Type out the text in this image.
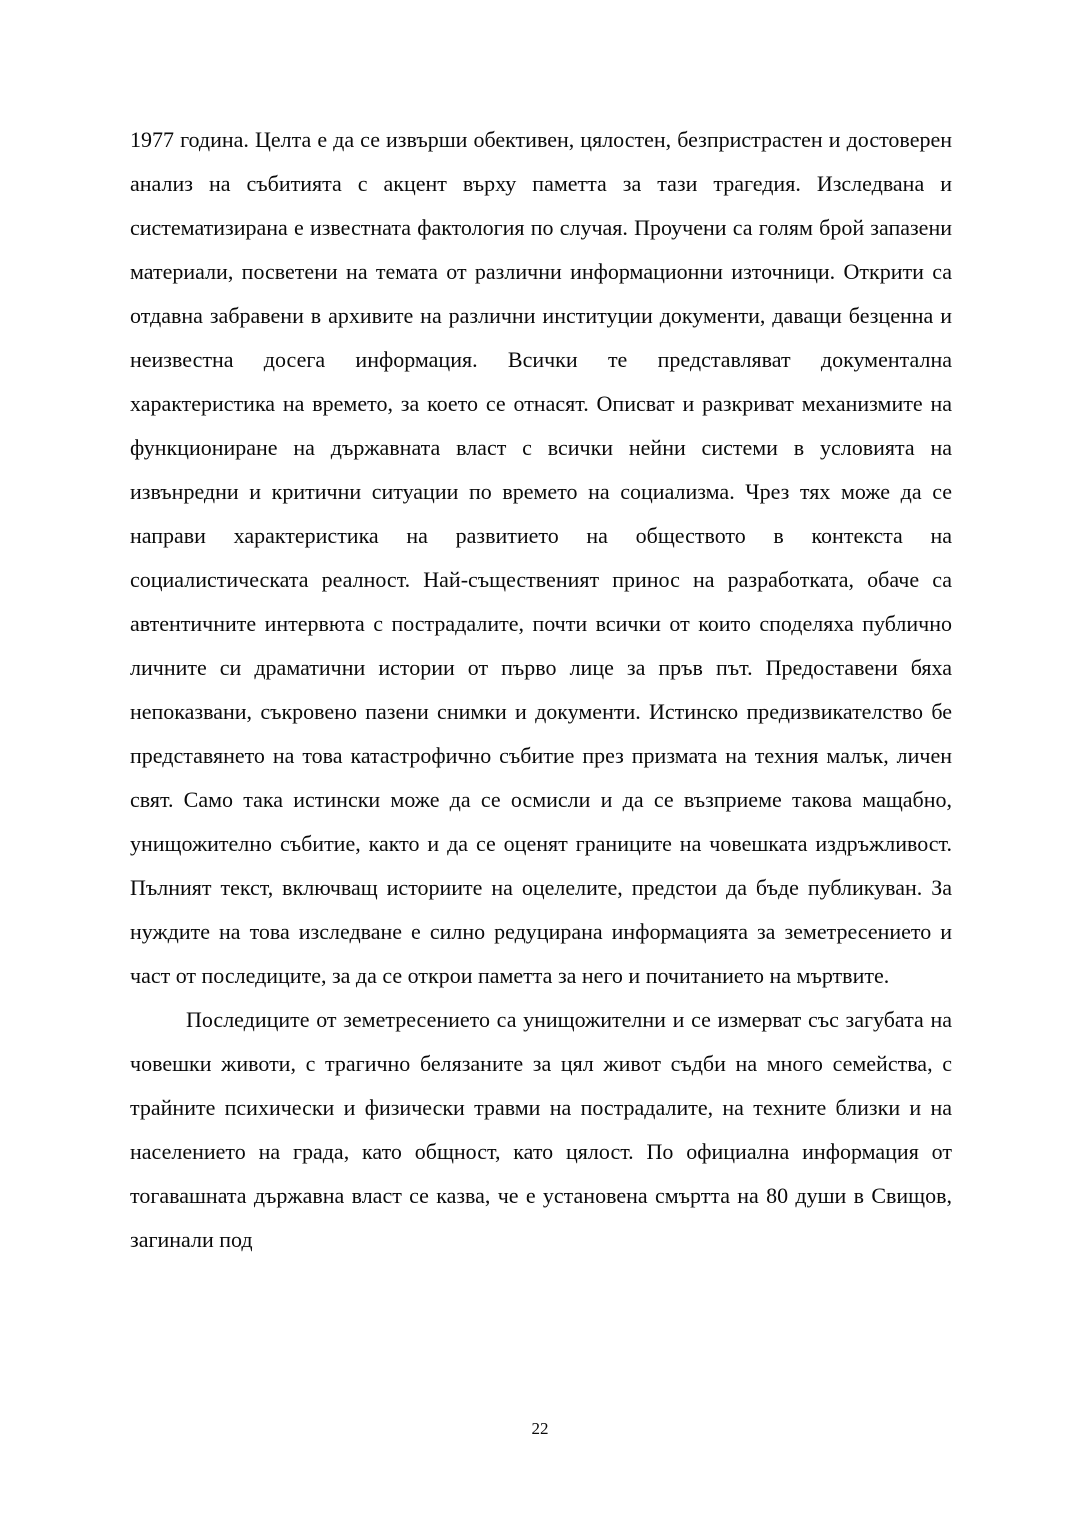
1977 година. Целта е да се извърши обективен, цялостен, безпристрастен и достоверен анализ на събитията с акцент върху паметта за тази трагедия. Изследвана и систематизирана е известната фактология по случая. Проучени са голям брой запазени материали, посветени на темата от различни информационни източници. Открити са отдавна забравени в архивите на различни институции документи, даващи безценна и неизвестна досега информация. Всички те представляват документална характеристика на времето, за което се отнасят. Описват и разкриват механизмите на функциониране на държавната власт с всички нейни системи в условията на извънредни и критични ситуации по времето на социализма. Чрез тях може да се направи характеристика на развитието на обществото в контекста на социалистическата реалност. Най-същественият принос на разработката, обаче са автентичните интервюта с пострадалите, почти всички от които споделяха публично личните си драматични истории от първо лице за пръв път. Предоставени бяха непоказвани, съкровено пазени снимки и документи. Истинско предизвикателство бе представянето на това катастрофично събитие през призмата на техния малък, личен свят. Само така истински може да се осмисли и да се възприеме такова мащабно, унищожително събитие, както и да се оценят границите на човешката издръжливост. Пълният текст, включващ историите на оцелелите, предстои да бъде публикуван. За нуждите на това изследване е силно редуцирана информацията за земетресението и част от последиците, за да се открои паметта за него и почитанието на мъртвите.

Последиците от земетресението са унищожителни и се измерват със загубата на човешки животи, с трагично белязаните за цял живот съдби на много семейства, с трайните психически и физически травми на пострадалите, на техните близки и на населението на града, като общност, като цялост. По официална информация от тогавашната държавна власт се казва, че е установена смъртта на 80 души в Свищов, загинали под

22
